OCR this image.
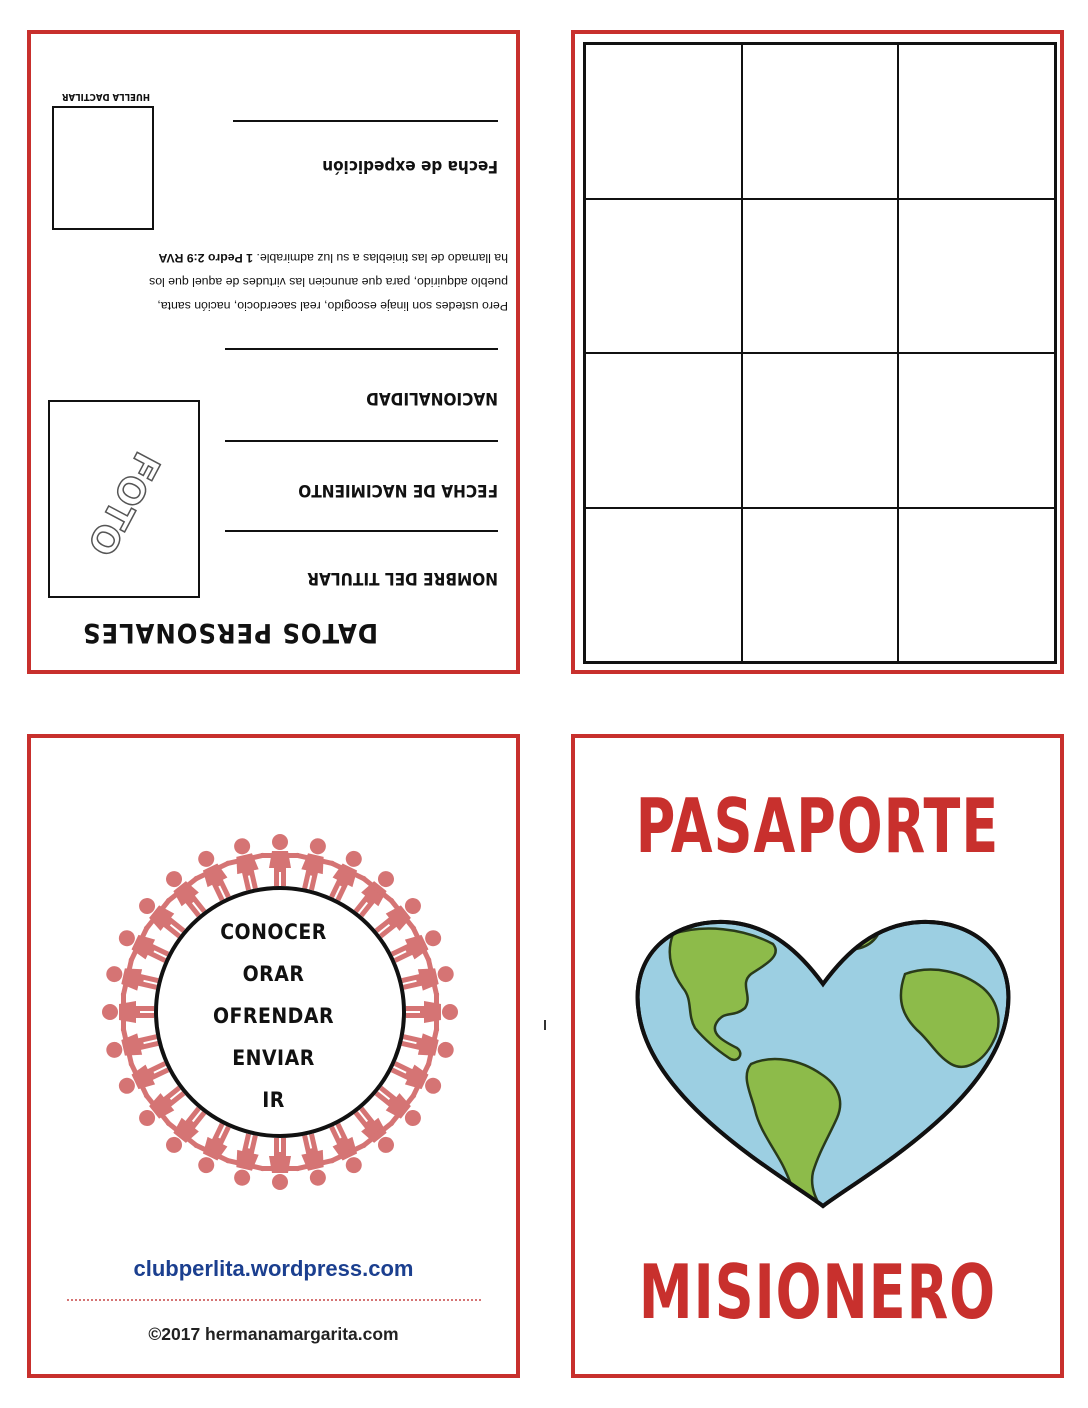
DATOS PERSONALES
NOMBRE DEL TITULAR
FECHA DE NACIMIENTO
NACIONALIDAD
FOTO
Pero ustedes son linaje escogido, real sacerdocio, nación santa,
pueblo adquirido, para que anuncien las virtudes de aquel que los
ha llamado de las tinieblas a su luz admirable. 1 Pedro 2:9 RVA
Fecha de expedición
HUELLA DACTILAR
CONOCER
ORAR
OFRENDAR
ENVIAR
IR
clubperlita.wordpress.com
©2017 hermanamargarita.com
PASAPORTE
MISIONERO
